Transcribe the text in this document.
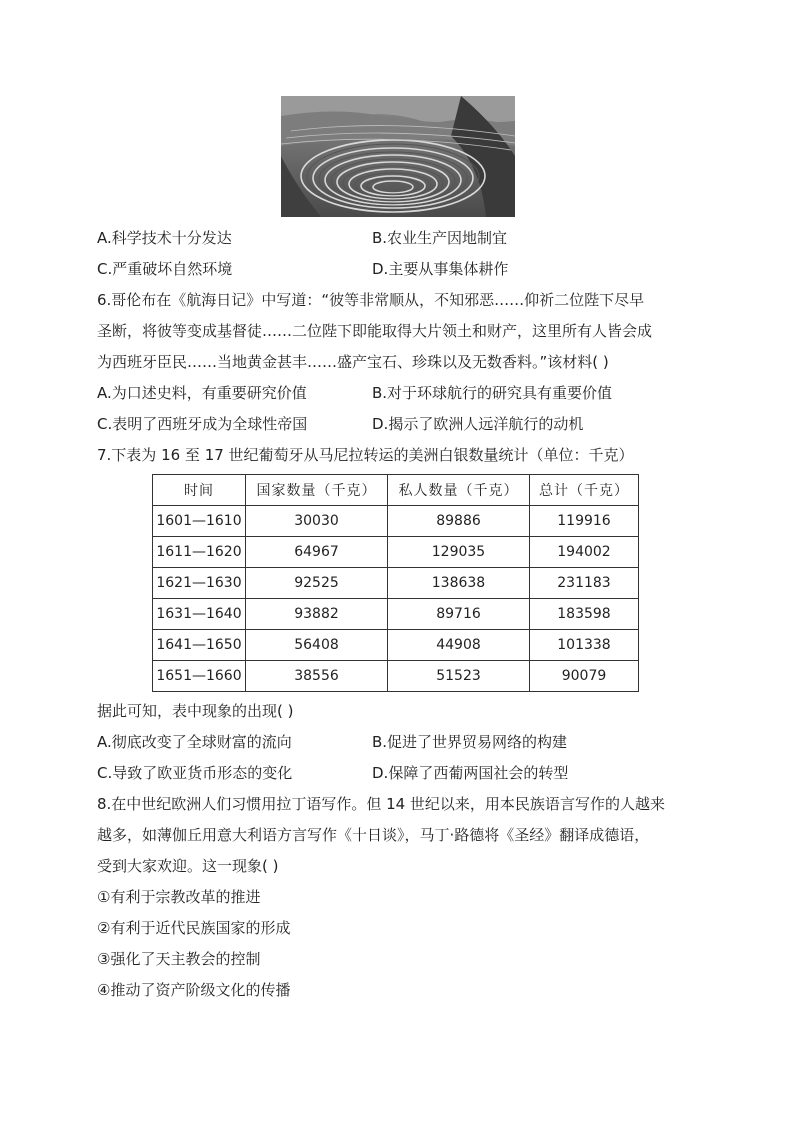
A.科学技术十分发达	B.农业生产因地制宜
C.严重破坏自然环境	D.主要从事集体耕作
6.哥伦布在《航海日记》中写道：“彼等非常顺从，不知邪恶……仰祈二位陛下尽早
圣断，将彼等变成基督徒……二位陛下即能取得大片领土和财产，这里所有人皆会成
为西班牙臣民……当地黄金甚丰……盛产宝石、珍珠以及无数香料。”该材料( )
A.为口述史料，有重要研究价值	B.对于环球航行的研究具有重要价值
C.表明了西班牙成为全球性帝国	D.揭示了欧洲人远洋航行的动机
7.下表为 16 至 17 世纪葡萄牙从马尼拉转运的美洲白银数量统计（单位：千克）
时间	国家数量（千克）	私人数量（千克）	总计（千克）
1601—1610	30030	89886	119916
1611—1620	64967	129035	194002
1621—1630	92525	138638	231183
1631—1640	93882	89716	183598
1641—1650	56408	44908	101338
1651—1660	38556	51523	90079
据此可知，表中现象的出现( )
A.彻底改变了全球财富的流向	B.促进了世界贸易网络的构建
C.导致了欧亚货币形态的变化	D.保障了西葡两国社会的转型
8.在中世纪欧洲人们习惯用拉丁语写作。但 14 世纪以来，用本民族语言写作的人越来
越多，如薄伽丘用意大利语方言写作《十日谈》，马丁·路德将《圣经》翻译成德语，
受到大家欢迎。这一现象( )
①有利于宗教改革的推进
②有利于近代民族国家的形成
③强化了天主教会的控制
④推动了资产阶级文化的传播
